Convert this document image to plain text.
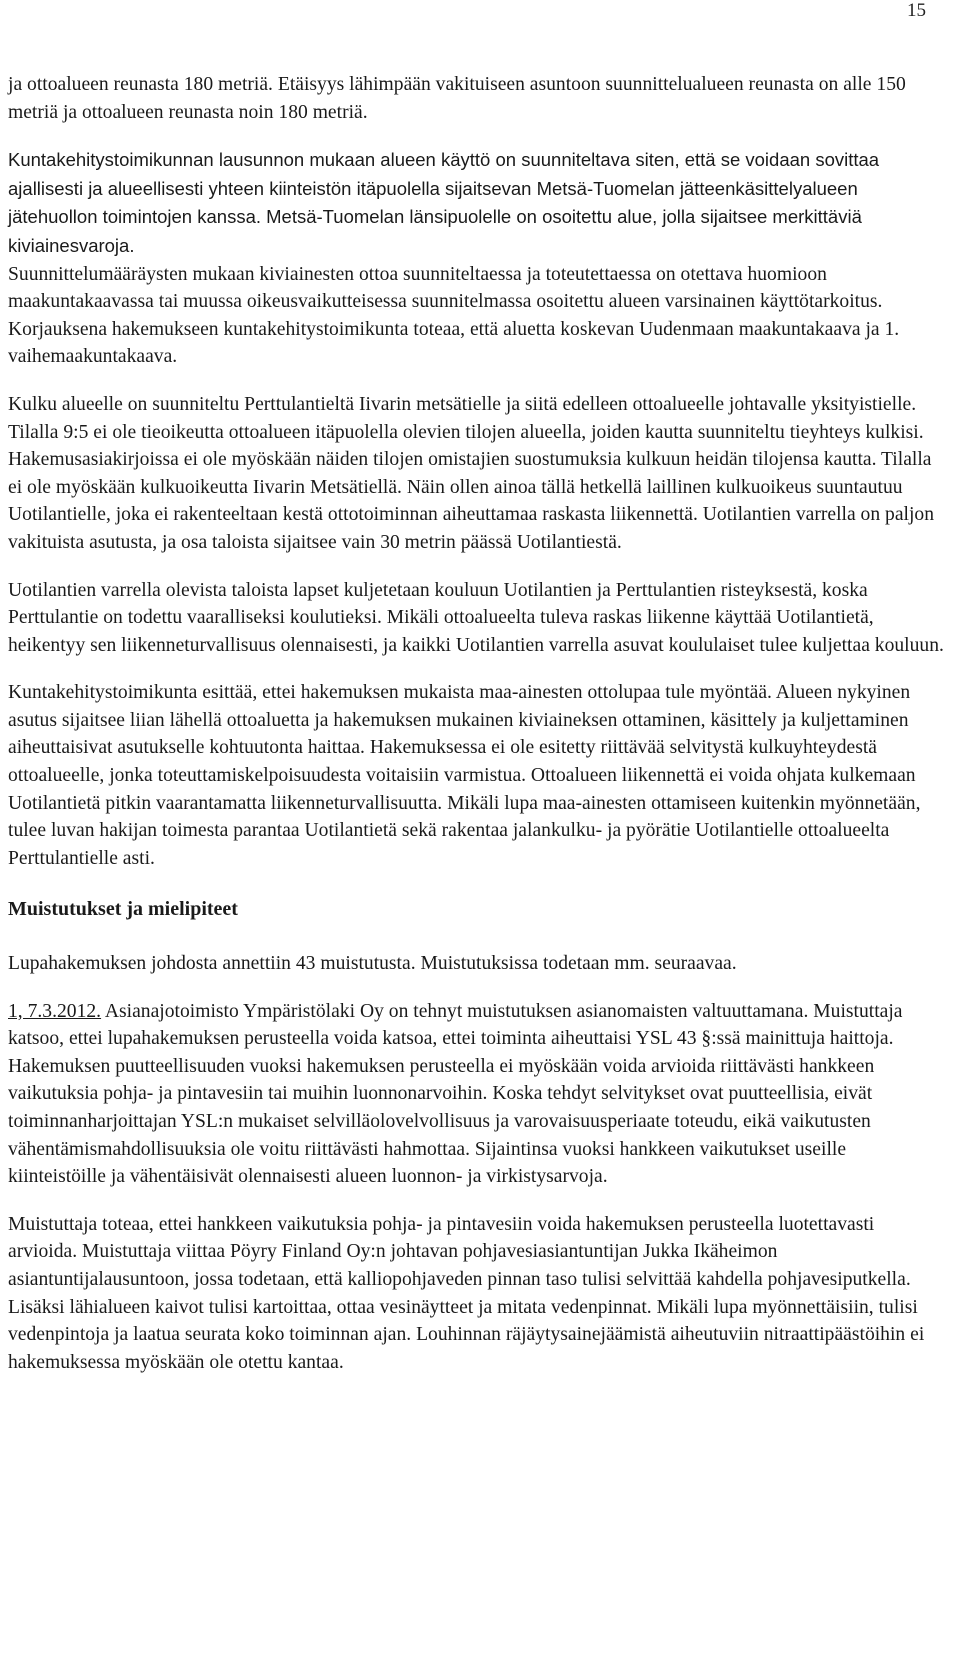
15

ja ottoalueen reunasta 180 metriä. Etäisyys lähimpään vakituiseen asuntoon suunnittelualueen reunasta on alle 150 metriä ja ottoalueen reunasta noin 180 metriä.

Kuntakehitystoimikunnan lausunnon mukaan alueen käyttö on suunniteltava siten, että se voidaan sovittaa ajallisesti ja alueellisesti yhteen kiinteistön itäpuolella sijaitsevan Metsä-Tuomelan jätteenkäsittelyalueen jätehuollon toimintojen kanssa. Metsä-Tuomelan länsipuolelle on osoitettu alue, jolla sijaitsee merkittäviä kiviainesvaroja.

Suunnittelumääräysten mukaan kiviainesten ottoa suunniteltaessa ja toteutettaessa on otettava huomioon maakuntakaavassa tai muussa oikeusvaikutteisessa suunnitelmassa osoitettu alueen varsinainen käyttötarkoitus. Korjauksena hakemukseen kuntakehitystoimikunta toteaa, että aluetta koskevan Uudenmaan maakuntakaava ja 1. vaihemaakuntakaava.

Kulku alueelle on suunniteltu Perttulantieltä Iivarin metsätielle ja siitä edelleen ottoalueelle johtavalle yksityistielle. Tilalla 9:5 ei ole tieoikeutta ottoalueen itäpuolella olevien tilojen alueella, joiden kautta suunniteltu tieyhteys kulkisi. Hakemusasiakirjoissa ei ole myöskään näiden tilojen omistajien suostumuksia kulkuun heidän tilojensa kautta. Tilalla ei ole myöskään kulkuoikeutta Iivarin Metsätiellä. Näin ollen ainoa tällä hetkellä laillinen kulkuoikeus suuntautuu Uotilantielle, joka ei rakenteeltaan kestä ottotoiminnan aiheuttamaa raskasta liikennettä. Uotilantien varrella on paljon vakituista asutusta, ja osa taloista sijaitsee vain 30 metrin päässä Uotilantiestä.

Uotilantien varrella olevista taloista lapset kuljetetaan kouluun Uotilantien ja Perttulantien risteyksestä, koska Perttulantie on todettu vaaralliseksi koulutieksi. Mikäli ottoalueelta tuleva raskas liikenne käyttää Uotilantietä, heikentyy sen liikenneturvallisuus olennaisesti, ja kaikki Uotilantien varrella asuvat koululaiset tulee kuljettaa kouluun.

Kuntakehitystoimikunta esittää, ettei hakemuksen mukaista maa-ainesten ottolupaa tule myöntää. Alueen nykyinen asutus sijaitsee liian lähellä ottoaluetta ja hakemuksen mukainen kiviaineksen ottaminen, käsittely ja kuljettaminen aiheuttaisivat asutukselle kohtuutonta haittaa. Hakemuksessa ei ole esitetty riittävää selvitystä kulkuyhteydestä ottoalueelle, jonka toteuttamiskelpoisuudesta voitaisiin varmistua. Ottoalueen liikennettä ei voida ohjata kulkemaan Uotilantietä pitkin vaarantamatta liikenneturvallisuutta. Mikäli lupa maa-ainesten ottamiseen kuitenkin myönnetään, tulee luvan hakijan toimesta parantaa Uotilantietä sekä rakentaa jalankulku- ja pyörätie Uotilantielle ottoalueelta Perttulantielle asti.

Muistutukset ja mielipiteet

Lupahakemuksen johdosta annettiin 43 muistutusta. Muistutuksissa todetaan mm. seuraavaa.

1, 7.3.2012. Asianajotoimisto Ympäristölaki Oy on tehnyt muistutuksen asianomaisten valtuuttamana. Muistuttaja katsoo, ettei lupahakemuksen perusteella voida katsoa, ettei toiminta aiheuttaisi YSL 43 §:ssä mainittuja haittoja. Hakemuksen puutteellisuuden vuoksi hakemuksen perusteella ei myöskään voida arvioida riittävästi hankkeen vaikutuksia pohja- ja pintavesiin tai muihin luonnonarvoihin. Koska tehdyt selvitykset ovat puutteellisia, eivät toiminnanharjoittajan YSL:n mukaiset selvilläolovelvollisuus ja varovaisuusperiaate toteudu, eikä vaikutusten vähentämismahdollisuuksia ole voitu riittävästi hahmottaa. Sijaintinsa vuoksi hankkeen vaikutukset useille kiinteistöille ja vähentäisivät olennaisesti alueen luonnon- ja virkistysarvoja.

Muistuttaja toteaa, ettei hankkeen vaikutuksia pohja- ja pintavesiin voida hakemuksen perusteella luotettavasti arvioida. Muistuttaja viittaa Pöyry Finland Oy:n johtavan pohjavesiasiantuntijan Jukka Ikäheimon asiantuntijalausuntoon, jossa todetaan, että kalliopohjaveden pinnan taso tulisi selvittää kahdella pohjavesiputkella. Lisäksi lähialueen kaivot tulisi kartoittaa, ottaa vesinäytteet ja mitata vedenpinnat. Mikäli lupa myönnettäisiin, tulisi vedenpintoja ja laatua seurata koko toiminnan ajan. Louhinnan räjäytysainejäämistä aiheutuviin nitraattipäästöihin ei hakemuksessa myöskään ole otettu kantaa.
